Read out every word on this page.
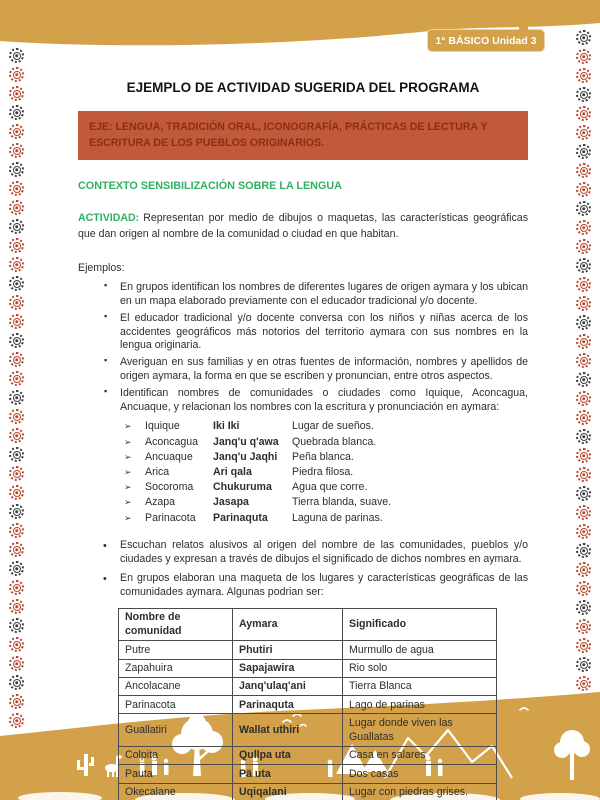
1° BÁSICO Unidad 3
EJEMPLO DE ACTIVIDAD SUGERIDA DEL PROGRAMA
EJE: LENGUA, TRADICIÓN ORAL, ICONOGRAFÍA, PRÁCTICAS DE LECTURA Y ESCRITURA DE LOS PUEBLOS ORIGINARIOS.
CONTEXTO SENSIBILIZACIÓN SOBRE LA LENGUA

ACTIVIDAD: Representan por medio de dibujos o maquetas, las características geográficas que dan origen al nombre de la comunidad o ciudad en que habitan.

Ejemplos:

▪ En grupos identifican los nombres de diferentes lugares de origen aymara y los ubican en un mapa elaborado previamente con el educador tradicional y/o docente.
▪ El educador tradicional y/o docente conversa con los niños y niñas acerca de los accidentes geográficos más notorios del territorio aymara con sus nombres en la lengua originaria.
▪ Averiguan en sus familias y en otras fuentes de información, nombres y apellidos de origen aymara, la forma en que se escriben y pronuncian, entre otros aspectos.
▪ Identifican nombres de comunidades o ciudades como Iquique, Aconcagua, Ancuaque, y relacionan los nombres con la escritura y pronunciación en aymara:
➢	Iquique	Iki Iki	Lugar de sueños.
➢	Aconcagua	Janq'u q'awa	Quebrada blanca.
➢	Ancuaque	Janq'u Jaqhi	Peña blanca.
➢	Arica	Ari qala	Piedra filosa.
➢	Socoroma	Chukuruma	Agua que corre.
➢	Azapa	Jasapa	Tierra blanda, suave.
➢	Parinacota	Parinaquta	Laguna de parinas.
• Escuchan relatos alusivos al origen del nombre de las comunidades, pueblos y/o ciudades y expresan a través de dibujos el significado de dichos nombres en aymara.
• En grupos elaboran una maqueta de los lugares y características geográficas de las comunidades aymara. Algunas podrian ser:
Nombre de comunidad	Aymara	Significado
Putre	Phutiri	Murmullo de agua
Zapahuira	Sapajawira	Rio solo
Ancolacane	Janq'ulaq'ani	Tierra Blanca
Parinacota	Parinaquta	Lago de parinas
Guallatiri	Wallat uthiri	Lugar donde viven las Guallatas
Colpita	Qullpa uta	Casa en salares
Pauta	Pä uta	Dos casas
Okecalane	Uqiqalani	Lugar con piedras grises.
